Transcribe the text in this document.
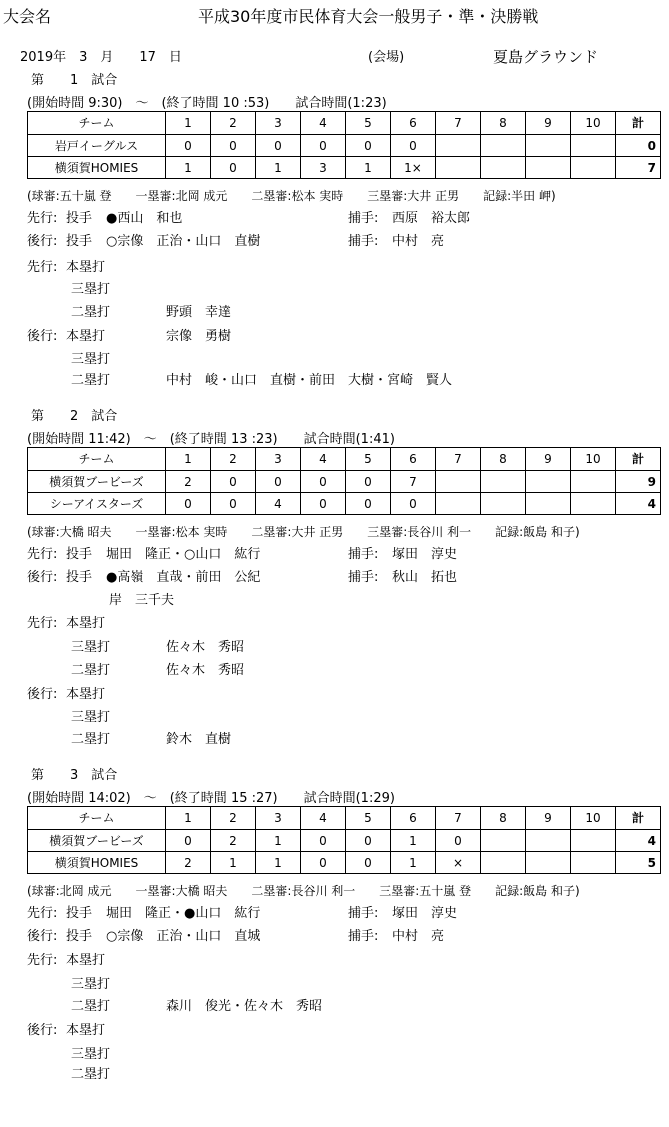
大会名	平成30年度市民体育大会一般男子・準・決勝戦
2019年　3　月　　17　日	(会場)	夏島グラウンド
第　　1　試合
(開始時間 9:30)　～　(終了時間 10 :53)　　試合時間(1:23)
チーム	1	2	3	4	5	6	7	8	9	10	計
岩戸イーグルス	0	0	0	0	0	0					0
横須賀HOMIES	1	0	1	3	1	1×					7
(球審:五十嵐 登　　一塁審:北岡 成元　　二塁審:松本 実時　　三塁審:大井 正男　　記録:半田 岬)
先行: 投手 ●西山　和也	捕手: 西原　裕太郎
後行: 投手 ○宗像　正治・山口　直樹	捕手: 中村　亮
先行: 本塁打
三塁打
二塁打	野頭　幸達
後行: 本塁打	宗像　勇樹
三塁打
二塁打	中村　峻・山口　直樹・前田　大樹・宮崎　賢人
第　　2　試合
(開始時間 11:42)　～　(終了時間 13 :23)　　試合時間(1:41)
チーム	1	2	3	4	5	6	7	8	9	10	計
横須賀ブービーズ	2	0	0	0	0	7					9
シーアイスターズ	0	0	4	0	0	0					4
(球審:大橋 昭夫　　一塁審:松本 実時　　二塁審:大井 正男　　三塁審:長谷川 利一　　記録:飯島 和子)
先行: 投手 堀田　隆正・○山口　紘行	捕手: 塚田　淳史
後行: 投手 ●高嶺　直哉・前田　公紀	捕手: 秋山　拓也
岸　三千夫
先行: 本塁打
三塁打	佐々木　秀昭
二塁打	佐々木　秀昭
後行: 本塁打
三塁打
二塁打	鈴木　直樹
第　　3　試合
(開始時間 14:02)　～　(終了時間 15 :27)　　試合時間(1:29)
チーム	1	2	3	4	5	6	7	8	9	10	計
横須賀ブービーズ	0	2	1	0	0	1	0				4
横須賀HOMIES	2	1	1	0	0	1	×				5
(球審:北岡 成元　　一塁審:大橋 昭夫　　二塁審:長谷川 利一　　三塁審:五十嵐 登　　記録:飯島 和子)
先行: 投手 堀田　隆正・●山口　紘行	捕手: 塚田　淳史
後行: 投手 ○宗像　正治・山口　直城	捕手: 中村　亮
先行: 本塁打
三塁打
二塁打	森川　俊光・佐々木　秀昭
後行: 本塁打
三塁打
二塁打
